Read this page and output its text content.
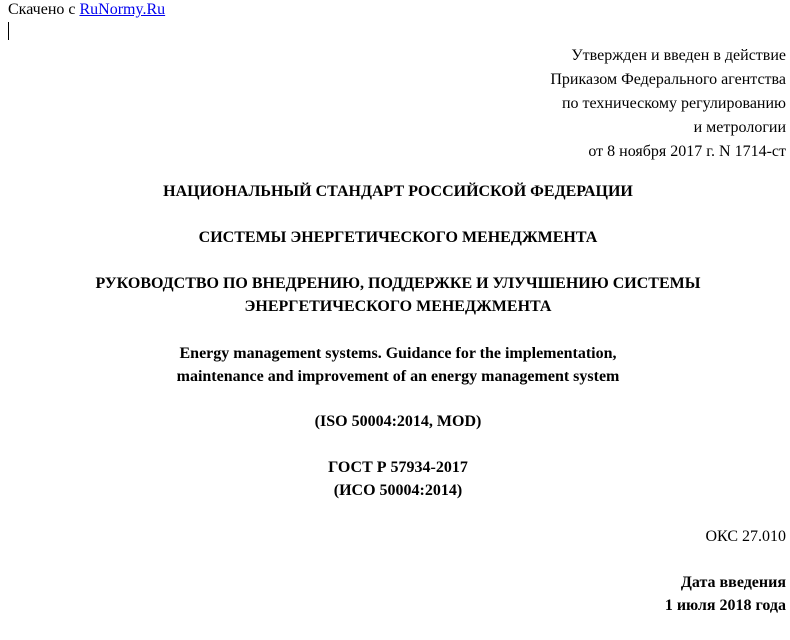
Скачено с RuNormy.Ru
Утвержден и введен в действие
Приказом Федерального агентства
по техническому регулированию
и метрологии
от 8 ноября 2017 г. N 1714-ст
НАЦИОНАЛЬНЫЙ СТАНДАРТ РОССИЙСКОЙ ФЕДЕРАЦИИ
СИСТЕМЫ ЭНЕРГЕТИЧЕСКОГО МЕНЕДЖМЕНТА
РУКОВОДСТВО ПО ВНЕДРЕНИЮ, ПОДДЕРЖКЕ И УЛУЧШЕНИЮ СИСТЕМЫ
ЭНЕРГЕТИЧЕСКОГО МЕНЕДЖМЕНТА
Energy management systems. Guidance for the implementation,
maintenance and improvement of an energy management system
(ISO 50004:2014, MOD)
ГОСТ Р 57934-2017
(ИСО 50004:2014)
ОКС 27.010
Дата введения
1 июля 2018 года
